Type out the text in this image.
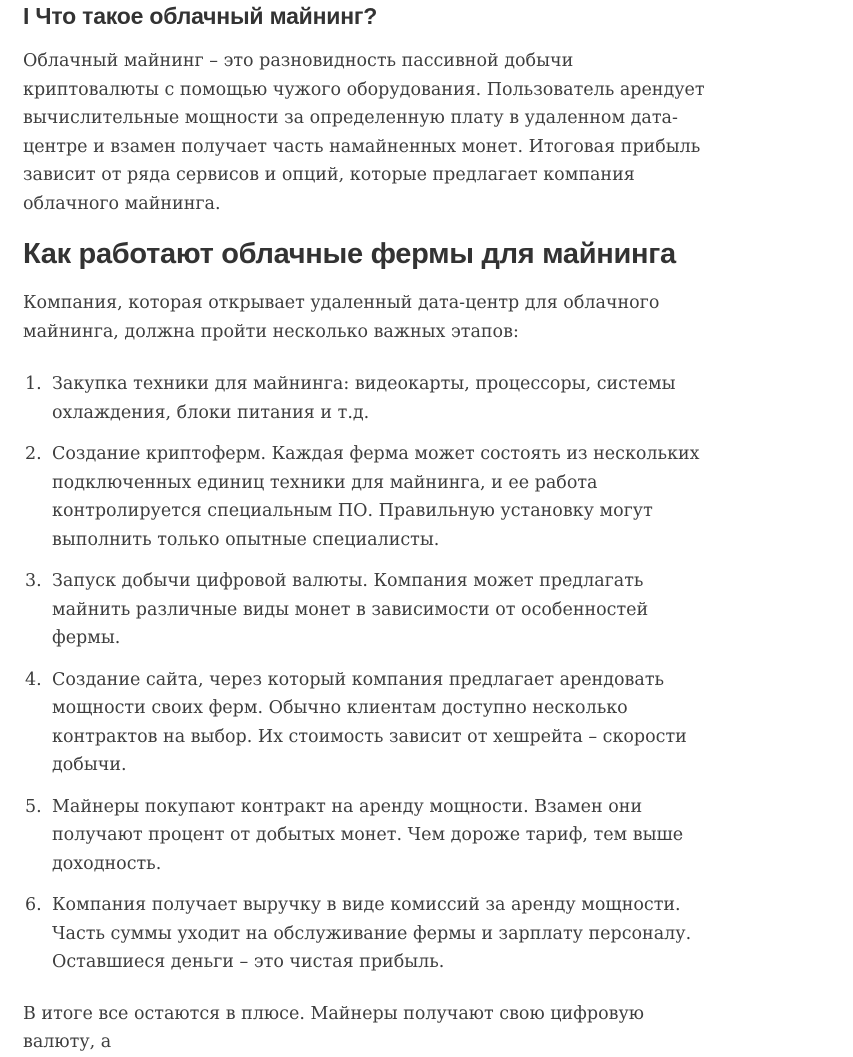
I Что такое облачный майнинг?

Облачный майнинг – это разновидность пассивной добычи криптовалюты с помощью чужого оборудования. Пользователь арендует вычислительные мощности за определенную плату в удаленном дата-центре и взамен получает часть намайненных монет. Итоговая прибыль зависит от ряда сервисов и опций, которые предлагает компания облачного майнинга.

Как работают облачные фермы для майнинга

Компания, которая открывает удаленный дата-центр для облачного майнинга, должна пройти несколько важных этапов:

1. Закупка техники для майнинга: видеокарты, процессоры, системы охлаждения, блоки питания и т.д.
2. Создание криптоферм. Каждая ферма может состоять из нескольких подключенных единиц техники для майнинга, и ее работа контролируется специальным ПО. Правильную установку могут выполнить только опытные специалисты.
3. Запуск добычи цифровой валюты. Компания может предлагать майнить различные виды монет в зависимости от особенностей фермы.
4. Создание сайта, через который компания предлагает арендовать мощности своих ферм. Обычно клиентам доступно несколько контрактов на выбор. Их стоимость зависит от хешрейта – скорости добычи.
5. Майнеры покупают контракт на аренду мощности. Взамен они получают процент от добытых монет. Чем дороже тариф, тем выше доходность.
6. Компания получает выручку в виде комиссий за аренду мощности. Часть суммы уходит на обслуживание фермы и зарплату персоналу. Оставшиеся деньги – это чистая прибыль.

В итоге все остаются в плюсе. Майнеры получают свою цифровую валюту, а
